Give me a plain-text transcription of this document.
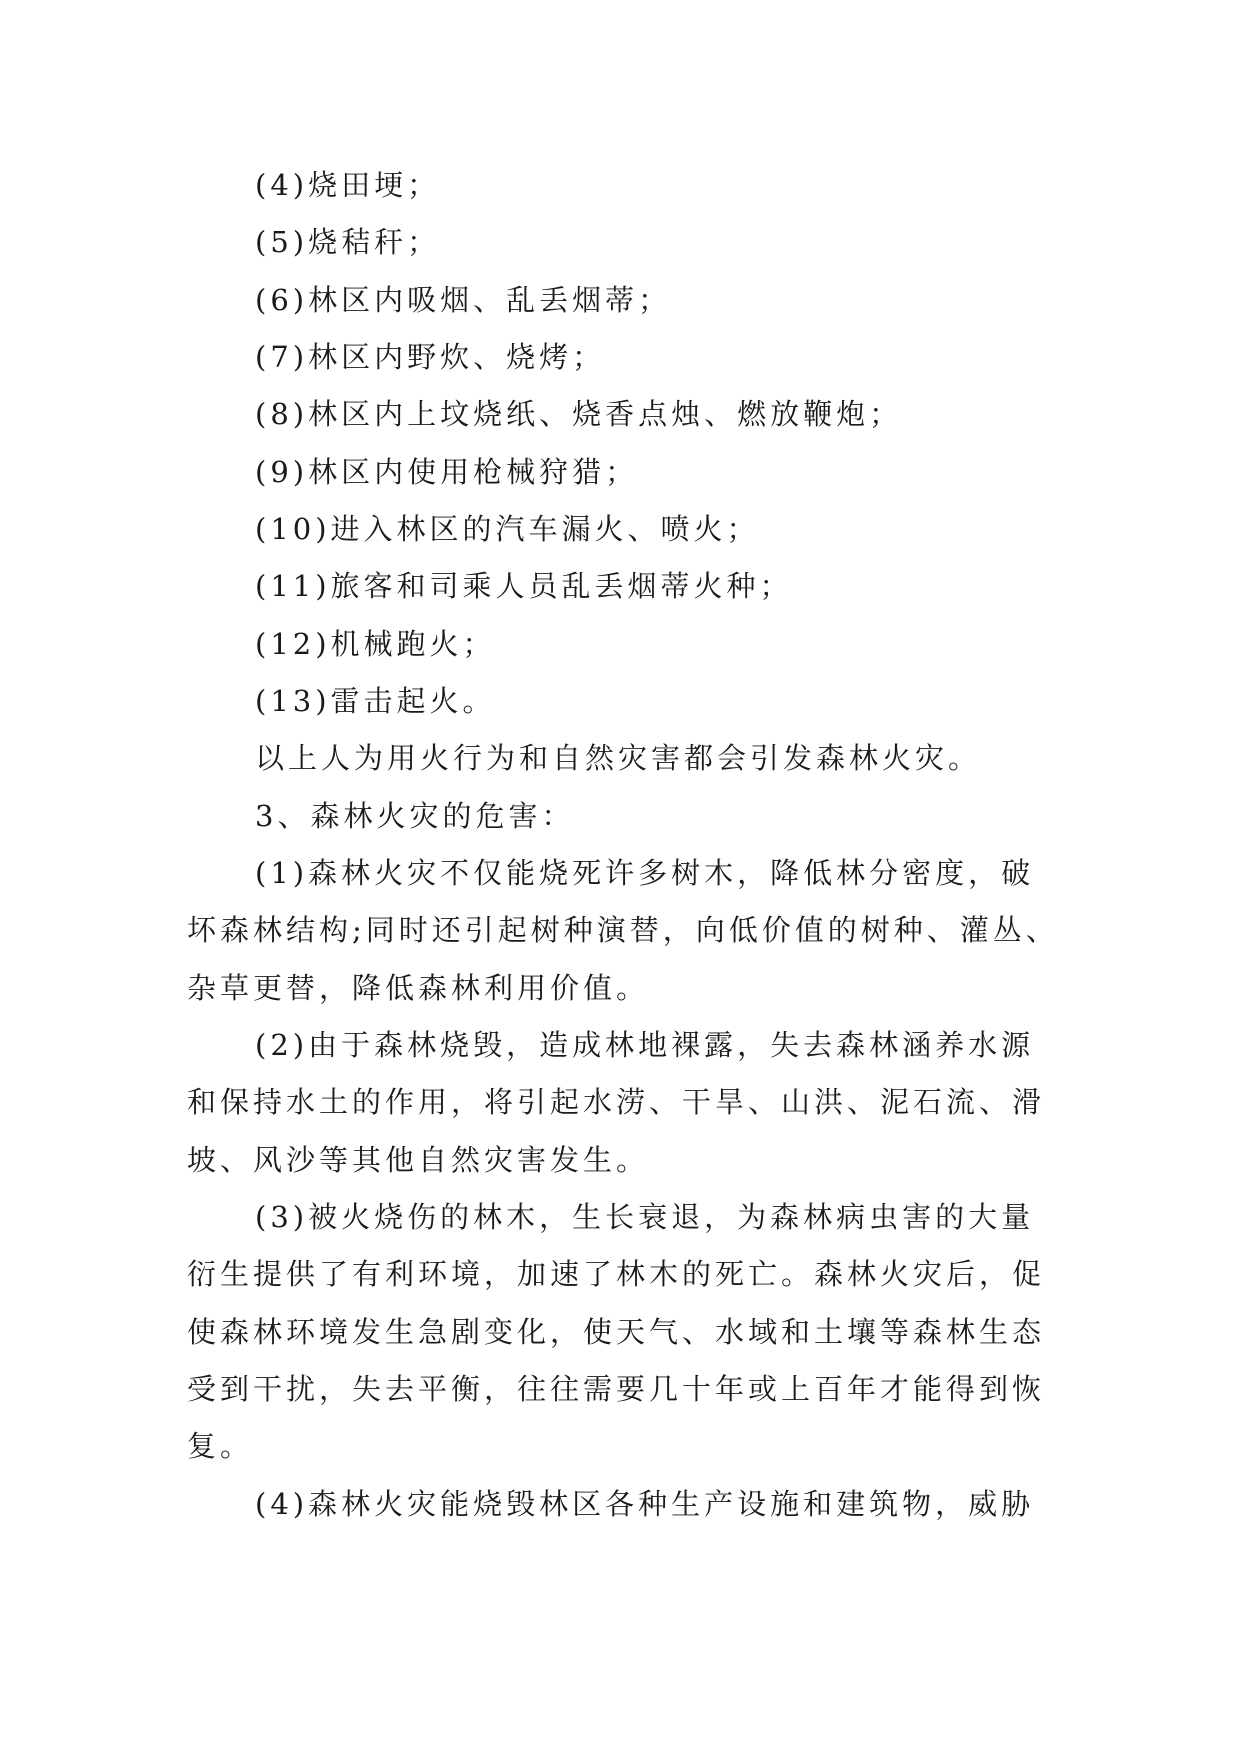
(4)烧田埂；
(5)烧秸秆；
(6)林区内吸烟、乱丢烟蒂；
(7)林区内野炊、烧烤；
(8)林区内上坟烧纸、烧香点烛、燃放鞭炮；
(9)林区内使用枪械狩猎；
(10)进入林区的汽车漏火、喷火；
(11)旅客和司乘人员乱丢烟蒂火种；
(12)机械跑火；
(13)雷击起火。
以上人为用火行为和自然灾害都会引发森林火灾。
3、森林火灾的危害：
(1)森林火灾不仅能烧死许多树木，降低林分密度，破
坏森林结构;同时还引起树种演替，向低价值的树种、灌丛、
杂草更替，降低森林利用价值。
(2)由于森林烧毁，造成林地裸露，失去森林涵养水源
和保持水土的作用，将引起水涝、干旱、山洪、泥石流、滑
坡、风沙等其他自然灾害发生。
(3)被火烧伤的林木，生长衰退，为森林病虫害的大量
衍生提供了有利环境，加速了林木的死亡。森林火灾后，促
使森林环境发生急剧变化，使天气、水域和土壤等森林生态
受到干扰，失去平衡，往往需要几十年或上百年才能得到恢
复。
(4)森林火灾能烧毁林区各种生产设施和建筑物，威胁
